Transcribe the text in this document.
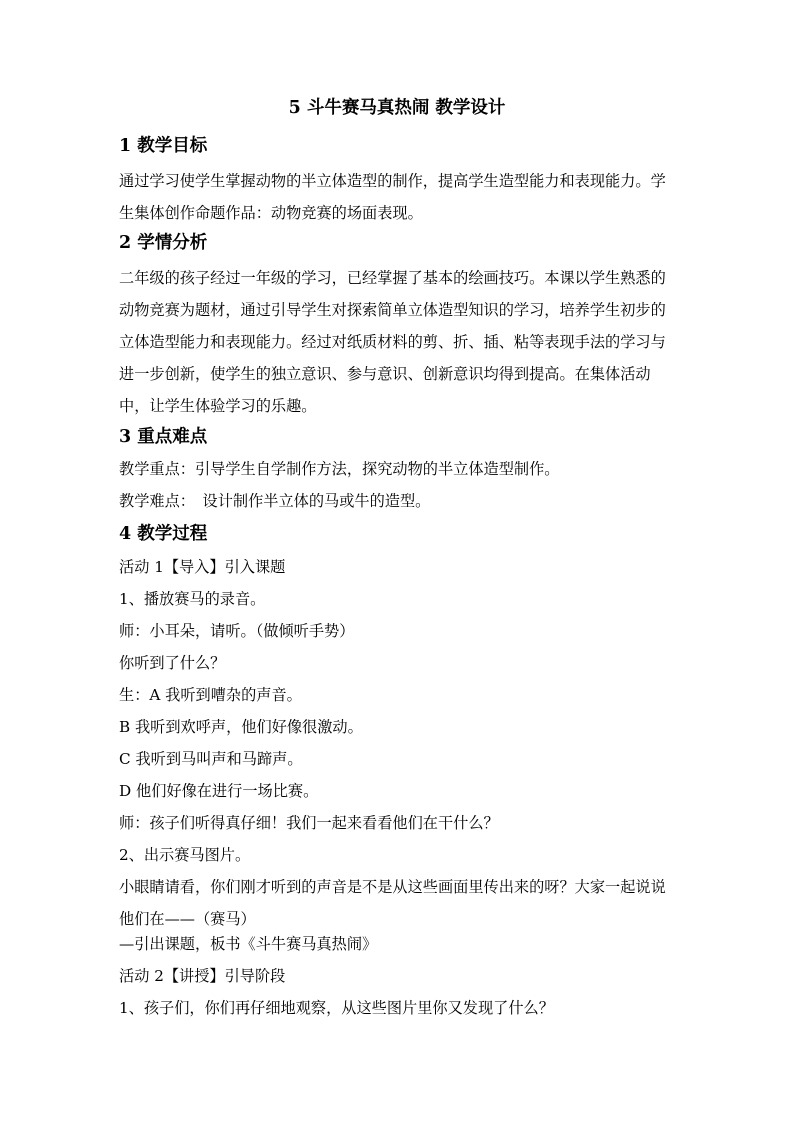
5 斗牛赛马真热闹 教学设计
1 教学目标
通过学习使学生掌握动物的半立体造型的制作，提高学生造型能力和表现能力。学生集体创作命题作品：动物竞赛的场面表现。
2 学情分析
二年级的孩子经过一年级的学习，已经掌握了基本的绘画技巧。本课以学生熟悉的动物竞赛为题材，通过引导学生对探索简单立体造型知识的学习，培养学生初步的立体造型能力和表现能力。经过对纸质材料的剪、折、插、粘等表现手法的学习与进一步创新，使学生的独立意识、参与意识、创新意识均得到提高。在集体活动中，让学生体验学习的乐趣。
3 重点难点
教学重点：引导学生自学制作方法，探究动物的半立体造型制作。
教学难点：　设计制作半立体的马或牛的造型。
4 教学过程
活动 1【导入】引入课题
1、播放赛马的录音。
师：小耳朵，请听。（做倾听手势）
你听到了什么？
生：A 我听到嘈杂的声音。
B 我听到欢呼声，他们好像很激动。
C 我听到马叫声和马蹄声。
D 他们好像在进行一场比赛。
师：孩子们听得真仔细！我们一起来看看他们在干什么？
2、出示赛马图片。
小眼睛请看，你们刚才听到的声音是不是从这些画面里传出来的呀？大家一起说说他们在——（赛马）
—引出课题，板书《斗牛赛马真热闹》
活动 2【讲授】引导阶段
1、孩子们，你们再仔细地观察，从这些图片里你又发现了什么？
